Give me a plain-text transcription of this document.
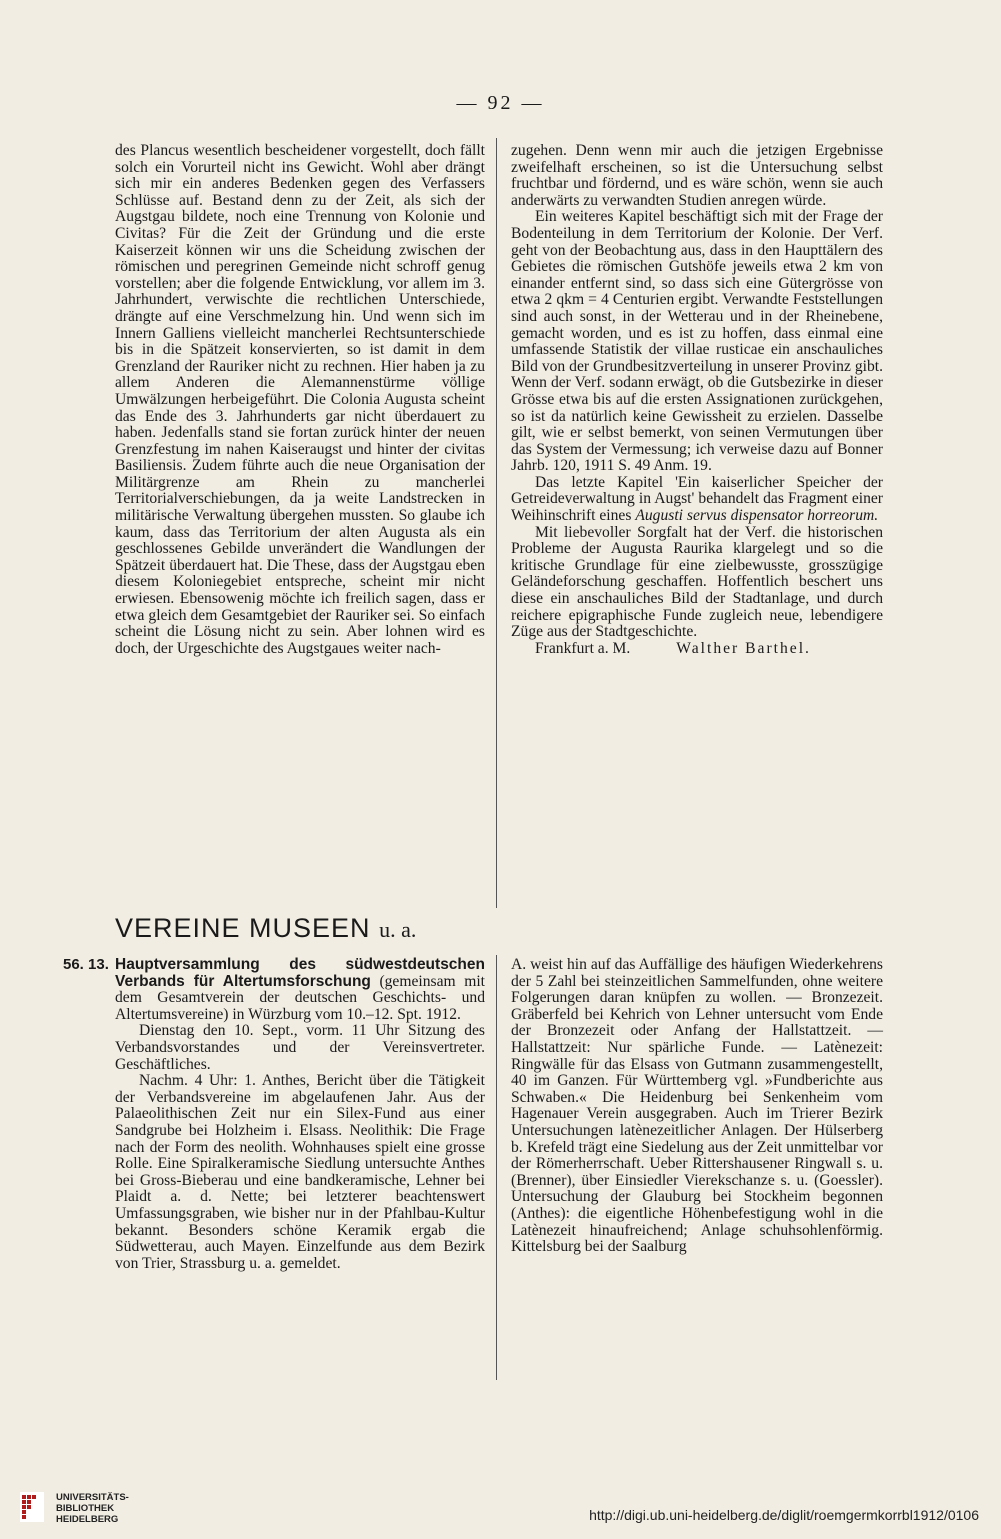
— 92 —

des Plancus wesentlich bescheidener vorgestellt, doch fällt solch ein Vorurteil nicht ins Gewicht. Wohl aber drängt sich mir ein anderes Bedenken gegen des Verfassers Schlüsse auf. Bestand denn zu der Zeit, als sich der Augstgau bildete, noch eine Trennung von Kolonie und Civitas? Für die Zeit der Gründung und die erste Kaiserzeit können wir uns die Scheidung zwischen der römischen und peregrinen Gemeinde nicht schroff genug vorstellen; aber die folgende Entwicklung, vor allem im 3. Jahrhundert, verwischte die rechtlichen Unterschiede, drängte auf eine Verschmelzung hin. Und wenn sich im Innern Galliens vielleicht mancherlei Rechtsunterschiede bis in die Spätzeit konservierten, so ist damit in dem Grenzland der Rauriker nicht zu rechnen. Hier haben ja zu allem Anderen die Alemannenstürme völlige Umwälzungen herbeigeführt. Die Colonia Augusta scheint das Ende des 3. Jahrhunderts gar nicht überdauert zu haben. Jedenfalls stand sie fortan zurück hinter der neuen Grenzfestung im nahen Kaiseraugst und hinter der civitas Basiliensis. Zudem führte auch die neue Organisation der Militärgrenze am Rhein zu mancherlei Territorialverschiebungen, da ja weite Landstrecken in militärische Verwaltung übergehen mussten. So glaube ich kaum, dass das Territorium der alten Augusta als ein geschlossenes Gebilde unverändert die Wandlungen der Spätzeit überdauert hat. Die These, dass der Augstgau eben diesem Koloniegebiet entspreche, scheint mir nicht erwiesen. Ebensowenig möchte ich freilich sagen, dass er etwa gleich dem Gesamtgebiet der Rauriker sei. So einfach scheint die Lösung nicht zu sein. Aber lohnen wird es doch, der Urgeschichte des Augstgaues weiter nach-

zugehen. Denn wenn mir auch die jetzigen Ergebnisse zweifelhaft erscheinen, so ist die Untersuchung selbst fruchtbar und fördernd, und es wäre schön, wenn sie auch anderwärts zu verwandten Studien anregen würde.

Ein weiteres Kapitel beschäftigt sich mit der Frage der Bodenteilung in dem Territorium der Kolonie. Der Verf. geht von der Beobachtung aus, dass in den Haupttälern des Gebietes die römischen Gutshöfe jeweils etwa 2 km von einander entfernt sind, so dass sich eine Gütergrösse von etwa 2 qkm = 4 Centurien ergibt. Verwandte Feststellungen sind auch sonst, in der Wetterau und in der Rheinebene, gemacht worden, und es ist zu hoffen, dass einmal eine umfassende Statistik der villae rusticae ein anschauliches Bild von der Grundbesitzverteilung in unserer Provinz gibt. Wenn der Verf. sodann erwägt, ob die Gutsbezirke in dieser Grösse etwa bis auf die ersten Assignationen zurückgehen, so ist da natürlich keine Gewissheit zu erzielen. Dasselbe gilt, wie er selbst bemerkt, von seinen Vermutungen über das System der Vermessung; ich verweise dazu auf Bonner Jahrb. 120, 1911 S. 49 Anm. 19.

Das letzte Kapitel 'Ein kaiserlicher Speicher der Getreideverwaltung in Augst' behandelt das Fragment einer Weihinschrift eines Augusti servus dispensator horreorum.

Mit liebevoller Sorgfalt hat der Verf. die historischen Probleme der Augusta Raurika klargelegt und so die kritische Grundlage für eine zielbewusste, grosszügige Geländeforschung geschaffen. Hoffentlich beschert uns diese ein anschauliches Bild der Stadtanlage, und durch reichere epigraphische Funde zugleich neue, lebendigere Züge aus der Stadtgeschichte.

Frankfurt a. M.	Walther Barthel.

VEREINE MUSEEN u. a.

56. 13. Hauptversammlung des südwestdeutschen Verbands für Altertumsforschung (gemeinsam mit dem Gesamtverein der deutschen Geschichts- und Altertumsvereine) in Würzburg vom 10.–12. Spt. 1912.

Dienstag den 10. Sept., vorm. 11 Uhr Sitzung des Verbandsvorstandes und der Vereinsvertreter. Geschäftliches.

Nachm. 4 Uhr: 1. Anthes, Bericht über die Tätigkeit der Verbandsvereine im abgelaufenen Jahr. Aus der Palaeolithischen Zeit nur ein Silex-Fund aus einer Sandgrube bei Holzheim i. Elsass. Neolithik: Die Frage nach der Form des neolith. Wohnhauses spielt eine grosse Rolle. Eine Spiralkeramische Siedlung untersuchte Anthes bei Gross-Bieberau und eine bandkeramische, Lehner bei Plaidt a. d. Nette; bei letzterer beachtenswert Umfassungsgraben, wie bisher nur in der Pfahlbau-Kultur bekannt. Besonders schöne Keramik ergab die Südwetterau, auch Mayen. Einzelfunde aus dem Bezirk von Trier, Strassburg u. a. gemeldet.

A. weist hin auf das Auffällige des häufigen Wiederkehrens der 5 Zahl bei steinzeitlichen Sammelfunden, ohne weitere Folgerungen daran knüpfen zu wollen. — Bronzezeit. Gräberfeld bei Kehrich von Lehner untersucht vom Ende der Bronzezeit oder Anfang der Hallstattzeit. — Hallstattzeit: Nur spärliche Funde. — Latènezeit: Ringwälle für das Elsass von Gutmann zusammengestellt, 40 im Ganzen. Für Württemberg vgl. »Fundberichte aus Schwaben.« Die Heidenburg bei Senkenheim vom Hagenauer Verein ausgegraben. Auch im Trierer Bezirk Untersuchungen latènezeitlicher Anlagen. Der Hülserberg b. Krefeld trägt eine Siedelung aus der Zeit unmittelbar vor der Römerherrschaft. Ueber Rittershausener Ringwall s. u. (Brenner), über Einsiedler Vierekschanze s. u. (Goessler). Untersuchung der Glauburg bei Stockheim begonnen (Anthes): die eigentliche Höhenbefestigung wohl in die Latènezeit hinaufreichend; Anlage schuhsohlenförmig. Kittelsburg bei der Saalburg

UNIVERSITÄTS-
BIBLIOTHEK
HEIDELBERG	http://digi.ub.uni-heidelberg.de/diglit/roemgermkorrbl1912/0106
